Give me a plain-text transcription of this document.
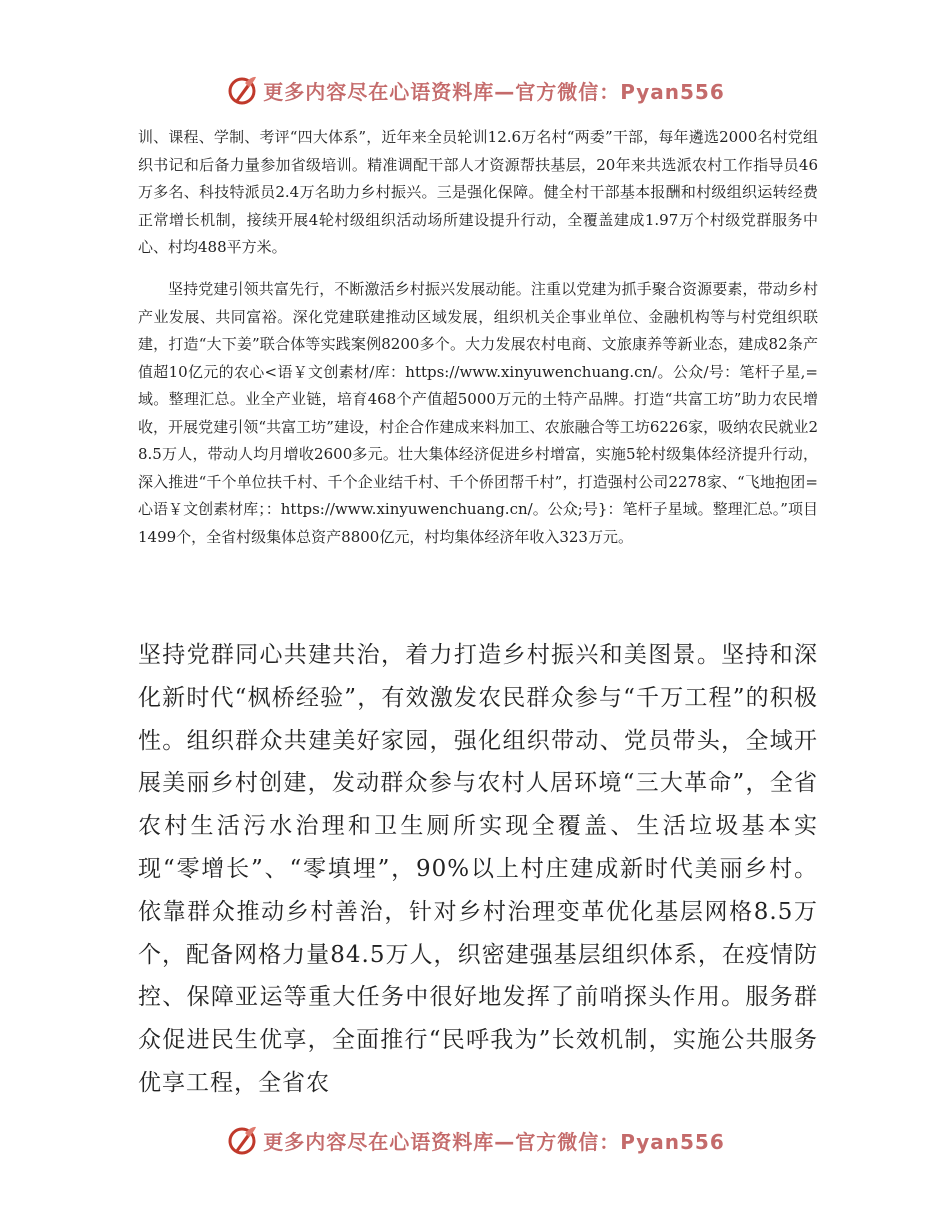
更多内容尽在心语资料库—官方微信：Pyan556

训、课程、学制、考评“四大体系”，近年来全员轮训12.6万名村“两委”干部，每年遴选2000名村党组织书记和后备力量参加省级培训。精准调配干部人才资源帮扶基层，20年来共选派农村工作指导员46万多名、科技特派员2.4万名助力乡村振兴。三是强化保障。健全村干部基本报酬和村级组织运转经费正常增长机制，接续开展4轮村级组织活动场所建设提升行动，全覆盖建成1.97万个村级党群服务中心、村均488平方米。

坚持党建引领共富先行，不断激活乡村振兴发展动能。注重以党建为抓手聚合资源要素，带动乡村产业发展、共同富裕。深化党建联建推动区域发展，组织机关企事业单位、金融机构等与村党组织联建，打造“大下姜”联合体等实践案例8200多个。大力发展农村电商、文旅康养等新业态，建成82条产值超10亿元的农心<语￥文创素材/库：https://www.xinyuwenchuang.cn/。公众/号：笔杆子星,=域。整理汇总。业全产业链，培育468个产值超5000万元的土特产品牌。打造“共富工坊”助力农民增收，开展党建引领“共富工坊”建设，村企合作建成来料加工、农旅融合等工坊6226家，吸纳农民就业28.5万人，带动人均月增收2600多元。壮大集体经济促进乡村增富，实施5轮村级集体经济提升行动，深入推进“千个单位扶千村、千个企业结千村、千个侨团帮千村”，打造强村公司2278家、“飞地抱团=心语￥文创素材库；：https://www.xinyuwenchuang.cn/。公众;号}：笔杆子星域。整理汇总。”项目1499个，全省村级集体总资产8800亿元，村均集体经济年收入323万元。

坚持党群同心共建共治，着力打造乡村振兴和美图景。坚持和深化新时代“枫桥经验”，有效激发农民群众参与“千万工程”的积极性。组织群众共建美好家园，强化组织带动、党员带头，全域开展美丽乡村创建，发动群众参与农村人居环境“三大革命”，全省农村生活污水治理和卫生厕所实现全覆盖、生活垃圾基本实现“零增长”、“零填埋”，90%以上村庄建成新时代美丽乡村。依靠群众推动乡村善治，针对乡村治理变革优化基层网格8.5万个，配备网格力量84.5万人，织密建强基层组织体系，在疫情防控、保障亚运等重大任务中很好地发挥了前哨探头作用。服务群众促进民生优享，全面推行“民呼我为”长效机制，实施公共服务优享工程，全省农

更多内容尽在心语资料库—官方微信：Pyan556
